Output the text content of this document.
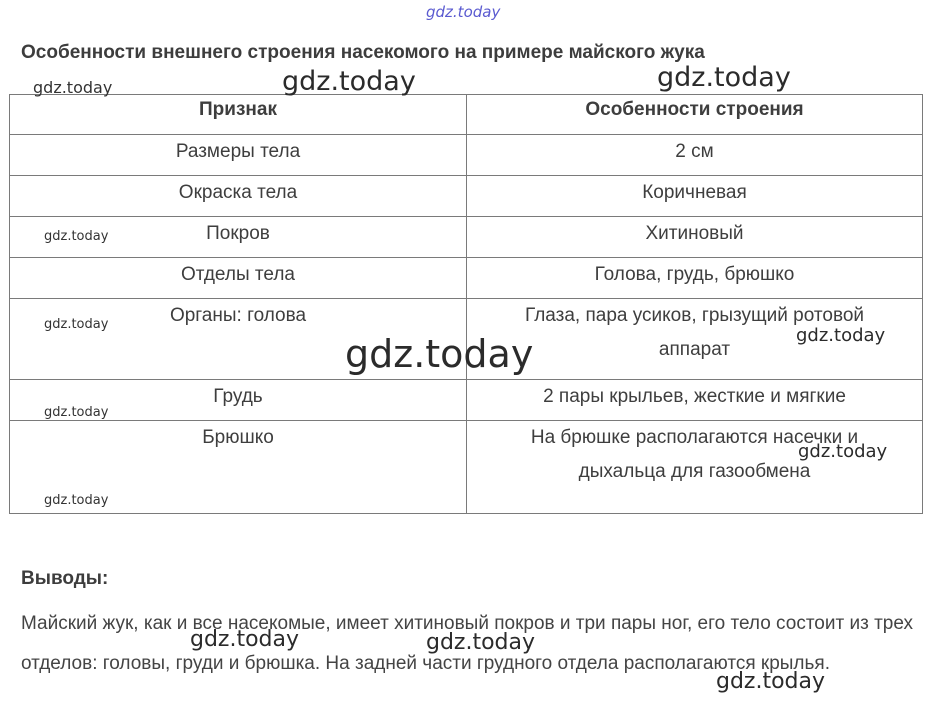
gdz.today
Особенности внешнего строения насекомого на примере майского жука
Признак	Особенности строения
Размеры тела	2 см
Окраска тела	Коричневая
Покров	Хитиновый
Отделы тела	Голова, грудь, брюшко
Органы: голова	Глаза, пара усиков, грызущий ротовой
аппарат

Грудь	2 пары крыльев, жесткие и мягкие
Брюшко	На брюшке располагаются насечки и
дыхальца для газообмена
Выводы:
Майский жук, как и все насекомые, имеет хитиновый покров и три пары ног, его тело состоит из трех отделов: головы, груди и брюшка. На задней части грудного отдела располагаются крылья.
gdz.today	gdz.today	gdz.today
gdz.today
gdz.today
gdz.today
gdz.today
gdz.today
gdz.today
gdz.today
gdz.today	gdz.today
gdz.today
